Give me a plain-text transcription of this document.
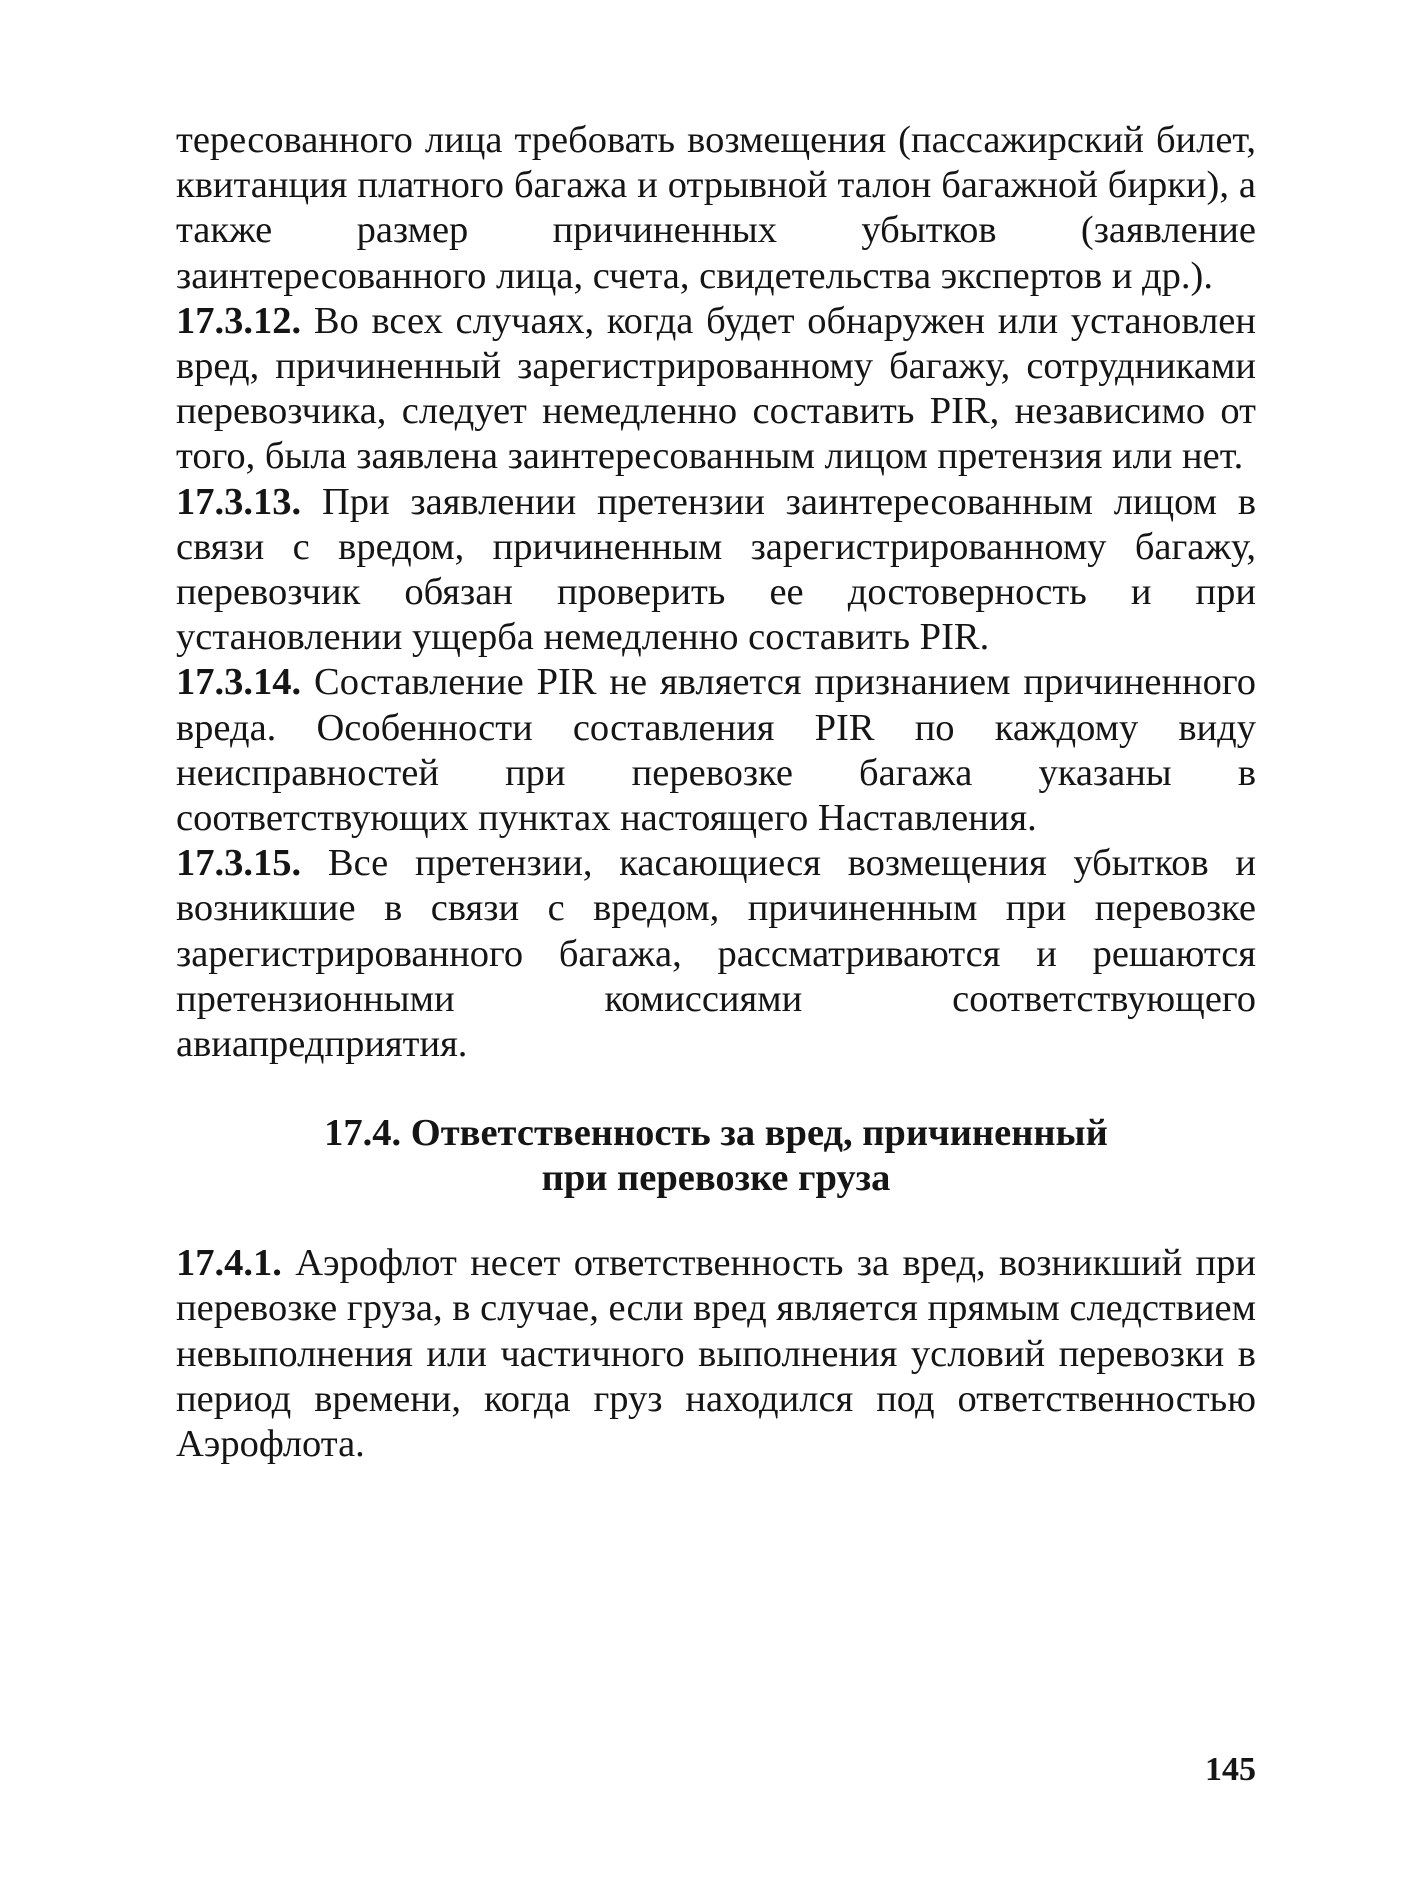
тересованного лица требовать возмещения (пассажирский билет, квитанция платного багажа и отрывной талон багажной бирки), а также размер причиненных убытков (заявление заинтересованного лица, счета, свидетельства экспертов и др.).

17.3.12. Во всех случаях, когда будет обнаружен или установлен вред, причиненный зарегистрированному багажу, сотрудниками перевозчика, следует немедленно составить PIR, независимо от того, была заявлена заинтересованным лицом претензия или нет.

17.3.13. При заявлении претензии заинтересованным лицом в связи с вредом, причиненным зарегистрированному багажу, перевозчик обязан проверить ее достоверность и при установлении ущерба немедленно составить PIR.

17.3.14. Составление PIR не является признанием причиненного вреда. Особенности составления PIR по каждому виду неисправностей при перевозке багажа указаны в соответствующих пунктах настоящего Наставления.

17.3.15. Все претензии, касающиеся возмещения убытков и возникшие в связи с вредом, причиненным при перевозке зарегистрированного багажа, рассматриваются и решаются претензионными комиссиями соответствующего авиапредприятия.

17.4. Ответственность за вред, причиненный
при перевозке груза

17.4.1. Аэрофлот несет ответственность за вред, возникший при перевозке груза, в случае, если вред является прямым следствием невыполнения или частичного выполнения условий перевозки в период времени, когда груз находился под ответственностью Аэрофлота.

145
